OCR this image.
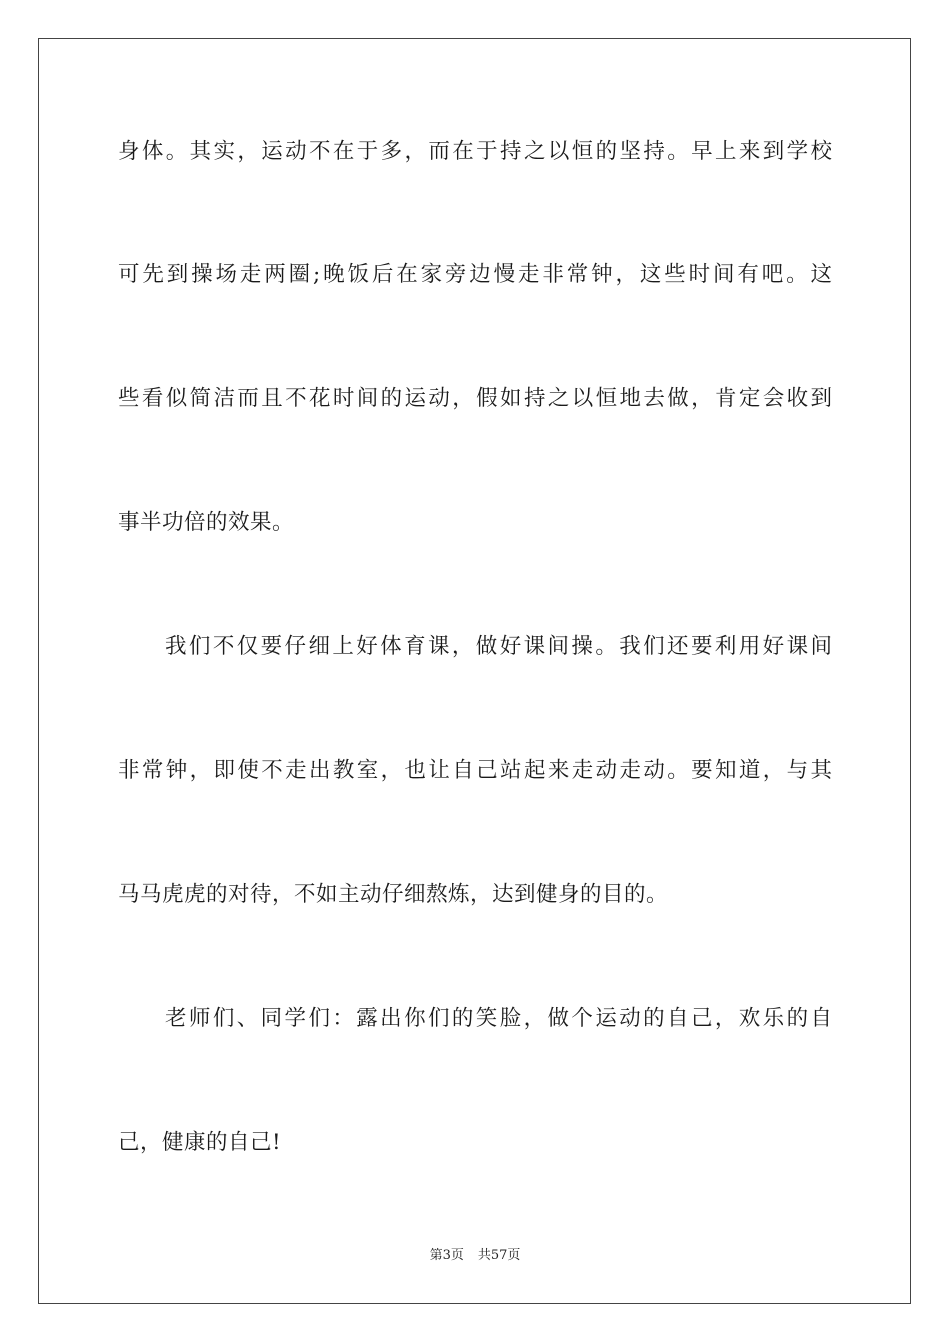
身体。其实，运动不在于多，而在于持之以恒的坚持。早上来到学校
可先到操场走两圈;晚饭后在家旁边慢走非常钟，这些时间有吧。这
些看似简洁而且不花时间的运动，假如持之以恒地去做，肯定会收到
事半功倍的效果。
我们不仅要仔细上好体育课，做好课间操。我们还要利用好课间
非常钟，即使不走出教室，也让自己站起来走动走动。要知道，与其
马马虎虎的对待，不如主动仔细熬炼，达到健身的目的。
老师们、同学们：露出你们的笑脸，做个运动的自己，欢乐的自
己，健康的自己!
第3页 共57页
